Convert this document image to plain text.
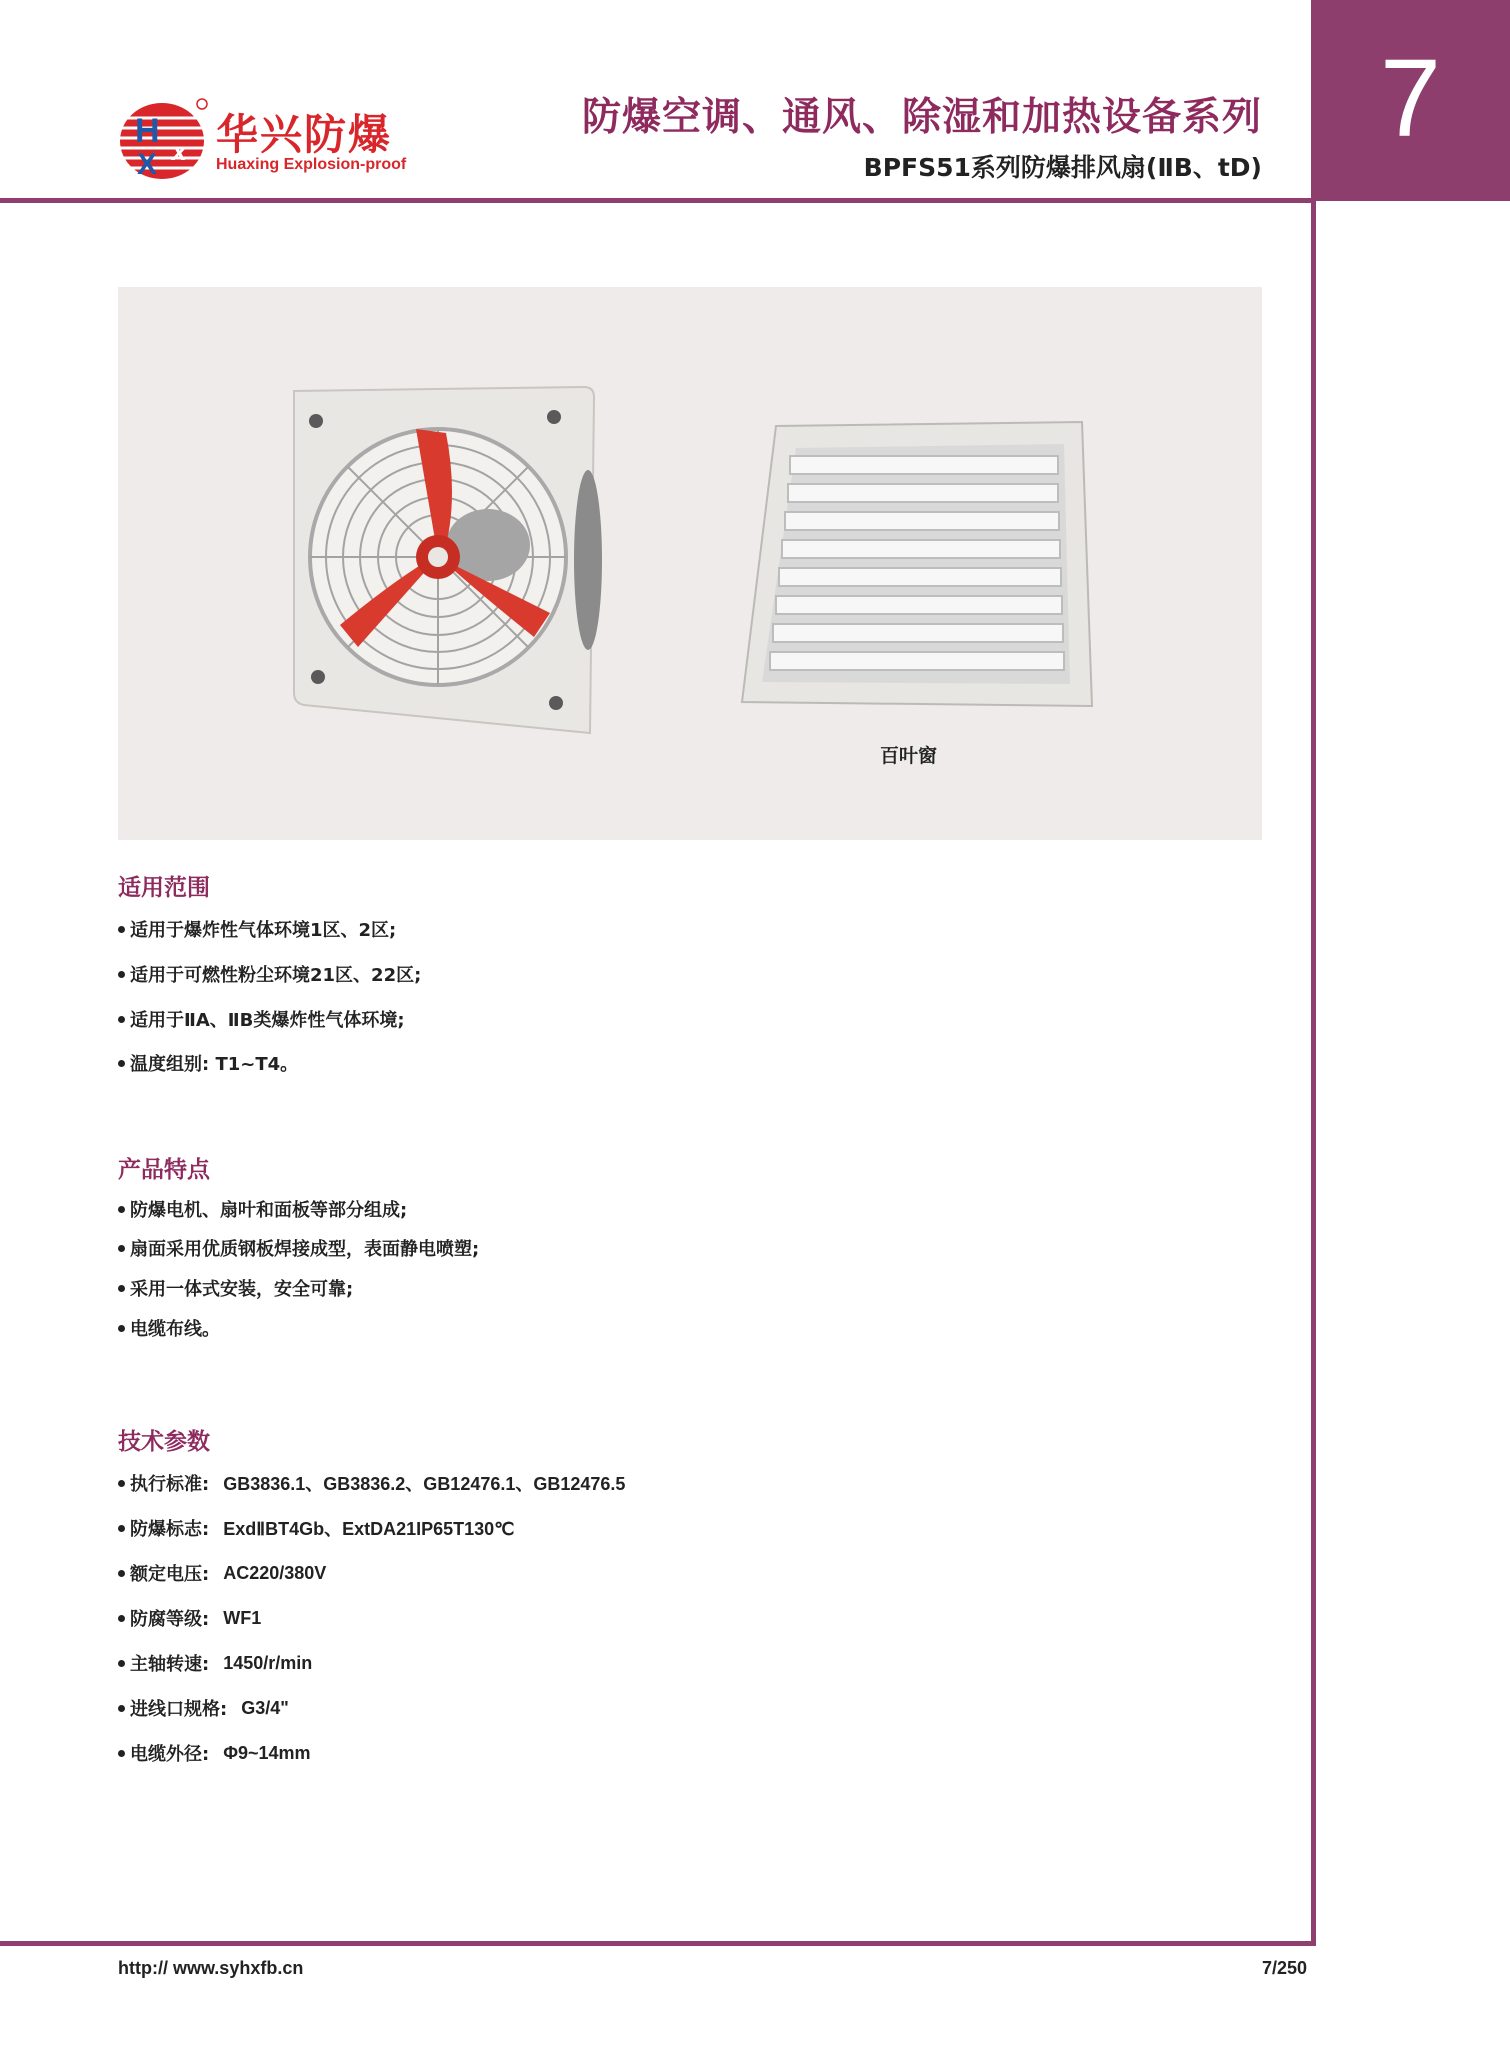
H
X x 华兴防爆
Huaxing Explosion-proof
防爆空调、通风、除湿和加热设备系列
BPFS51系列防爆排风扇(ⅡB、tD)
7
百叶窗
适用范围
适用于爆炸性气体环境1区、2区;
适用于可燃性粉尘环境21区、22区;
适用于ⅡA、ⅡB类爆炸性气体环境;
温度组别: T1~T4。
产品特点
防爆电机、扇叶和面板等部分组成;
扇面采用优质钢板焊接成型，表面静电喷塑;
采用一体式安装，安全可靠;
电缆布线。
技术参数
执行标准: GB3836.1、GB3836.2、GB12476.1、GB12476.5
防爆标志: ExdⅡBT4Gb、ExtDA21IP65T130℃
额定电压: AC220/380V
防腐等级: WF1
主轴转速: 1450/r/min
进线口规格: G3/4"
电缆外径: Φ9~14mm
http:// www.syhxfb.cn	7/250
